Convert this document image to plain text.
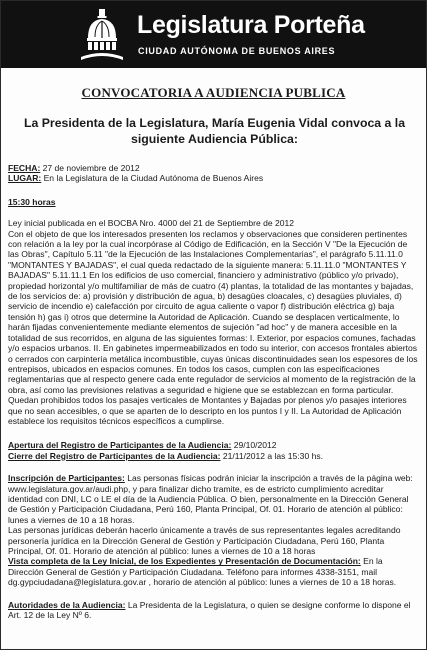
Legislatura Porteña
CIUDAD AUTÓNOMA DE BUENOS AIRES
CONVOCATORIA A AUDIENCIA PUBLICA
La Presidenta de la Legislatura, María Eugenia Vidal convoca a la siguiente Audiencia Pública:

FECHA: 27 de noviembre de 2012

LUGAR: En la Legislatura de la Ciudad Autónoma de Buenos Aires

15:30 horas

Ley inicial publicada en el BOCBA Nro. 4000 del 21 de Septiembre de 2012

Con el objeto de que los interesados presenten los reclamos y observaciones que consideren pertinentes con relación a la ley por la cual incorpórase al Código de Edificación, en la Sección V "De la Ejecución de las Obras", Capítulo 5.11 "de la Ejecución de las Instalaciones Complementarias", el parágrafo 5.11.11.0 "MONTANTES Y BAJADAS", el cual queda redactado de la siguiente manera: 5.11.11.0 "MONTANTES Y BAJADAS" 5.11.11.1 En los edificios de uso comercial, financiero y administrativo (público y/o privado), propiedad horizontal y/o multifamiliar de más de cuatro (4) plantas, la totalidad de las montantes y bajadas, de los servicios de: a) provisión y distribución de agua, b) desagües cloacales, c) desagües pluviales, d) servicio de incendio e) calefacción por circuito de agua caliente o vapor f) distribución eléctrica g) baja tensión h) gas i) otros que determine la Autoridad de Aplicación. Cuando se desplacen verticalmente, lo harán fijadas convenientemente mediante elementos de sujeción "ad hoc" y de manera accesible en la totalidad de sus recorridos, en alguna de las siguientes formas: I. Exterior, por espacios comunes, fachadas y/o espacios urbanos. II. En gabinetes impermeabilizados en todo su interior, con accesos frontales abiertos o cerrados con carpintería metálica incombustible, cuyas únicas discontinuidades sean los espesores de los entrepisos, ubicados en espacios comunes. En todos los casos, cumplen con las especificaciones reglamentarias que al respecto genere cada ente regulador de servicios al momento de la registración de la obra, así como las previsiones relativas a seguridad e higiene que se establezcan en forma particular. Quedan prohibidos todos los pasajes verticales de Montantes y Bajadas por plenos y/o pasajes interiores que no sean accesibles, o que se aparten de lo descripto en los puntos I y II. La Autoridad de Aplicación establece los requisitos técnicos específicos a cumplirse.

Apertura del Registro de Participantes de la Audiencia: 29/10/2012

Cierre del Registro de Participantes de la Audiencia: 21/11/2012 a las 15:30 hs.

Inscripción de Participantes: Las personas físicas podrán iniciar la inscripción a través de la página web: www.legislatura.gov.ar/audi.php, y para finalizar dicho tramite, es de estricto cumplimiento acreditar identidad con DNI, LC o LE el día de la Audiencia Pública. O bien, personalmente en la Dirección General de Gestión y Participación Ciudadana, Perú 160, Planta Principal, Of. 01. Horario de atención al público: lunes a viernes de 10 a 18 horas.

Las personas jurídicas deberán hacerlo únicamente a través de sus representantes legales acreditando personería jurídica en la Dirección General de Gestión y Participación Ciudadana, Perú 160, Planta Principal, Of. 01. Horario de atención al público: lunes a viernes de 10 a 18 horas

Vista completa de la Ley Inicial, de los Expedientes y Presentación de Documentación: En la Dirección General de Gestión y Participación Ciudadana. Teléfono para informes 4338-3151, mail dg.gypciudadana@legislatura.gov.ar , horario de atención al público: lunes a viernes de 10 a 18 horas.

Autoridades de la Audiencia: La Presidenta de la Legislatura, o quien se designe conforme lo dispone el Art. 12 de la Ley Nº 6.
